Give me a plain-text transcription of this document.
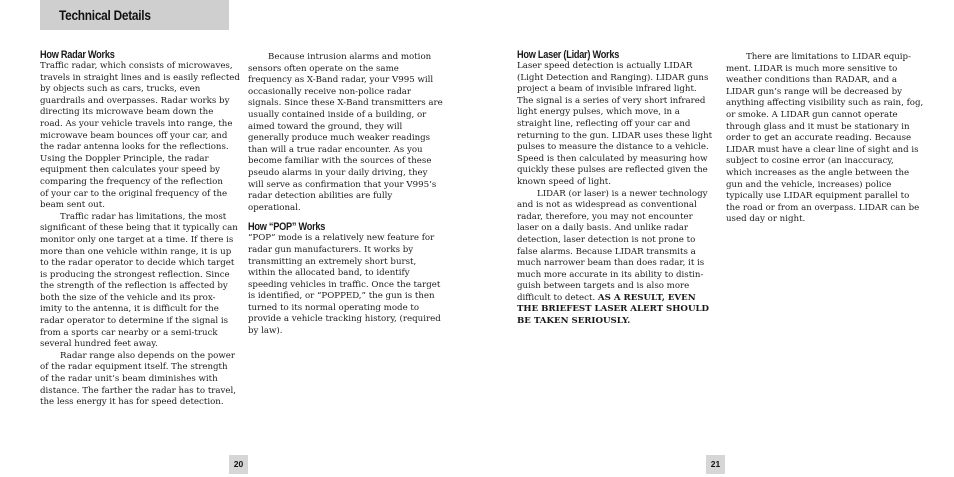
Technical Details
How Radar Works
Traffic radar, which consists of microwaves,
travels in straight lines and is easily reflected
by objects such as cars, trucks, even
guardrails and overpasses. Radar works by
directing its microwave beam down the
road. As your vehicle travels into range, the
microwave beam bounces off your car, and
the radar antenna looks for the reflections.
Using the Doppler Principle, the radar
equipment then calculates your speed by
comparing the frequency of the reflection
of your car to the original frequency of the
beam sent out.
Traffic radar has limitations, the most
significant of these being that it typically can
monitor only one target at a time. If there is
more than one vehicle within range, it is up
to the radar operator to decide which target
is producing the strongest reflection. Since
the strength of the reflection is affected by
both the size of the vehicle and its prox-
imity to the antenna, it is difficult for the
radar operator to determine if the signal is
from a sports car nearby or a semi-truck
several hundred feet away.
Radar range also depends on the power
of the radar equipment itself. The strength
of the radar unit’s beam diminishes with
distance. The farther the radar has to travel,
the less energy it has for speed detection.
Because intrusion alarms and motion
sensors often operate on the same
frequency as X-Band radar, your V995 will
occasionally receive non-police radar
signals. Since these X-Band transmitters are
usually contained inside of a building, or
aimed toward the ground, they will
generally produce much weaker readings
than will a true radar encounter. As you
become familiar with the sources of these
pseudo alarms in your daily driving, they
will serve as confirmation that your V995’s
radar detection abilities are fully
operational.
How “POP” Works
“POP” mode is a relatively new feature for
radar gun manufacturers. It works by
transmitting an extremely short burst,
within the allocated band, to identify
speeding vehicles in traffic. Once the target
is identified, or “POPPED,” the gun is then
turned to its normal operating mode to
provide a vehicle tracking history, (required
by law).
How Laser (Lidar) Works
Laser speed detection is actually LIDAR
(Light Detection and Ranging). LIDAR guns
project a beam of invisible infrared light.
The signal is a series of very short infrared
light energy pulses, which move, in a
straight line, reflecting off your car and
returning to the gun. LIDAR uses these light
pulses to measure the distance to a vehicle.
Speed is then calculated by measuring how
quickly these pulses are reflected given the
known speed of light.
LIDAR (or laser) is a newer technology
and is not as widespread as conventional
radar, therefore, you may not encounter
laser on a daily basis. And unlike radar
detection, laser detection is not prone to
false alarms. Because LIDAR transmits a
much narrower beam than does radar, it is
much more accurate in its ability to distin-
guish between targets and is also more
difficult to detect. AS A RESULT, EVEN
THE BRIEFEST LASER ALERT SHOULD
BE TAKEN SERIOUSLY.
There are limitations to LIDAR equip-
ment. LIDAR is much more sensitive to
weather conditions than RADAR, and a
LIDAR gun’s range will be decreased by
anything affecting visibility such as rain, fog,
or smoke. A LIDAR gun cannot operate
through glass and it must be stationary in
order to get an accurate reading. Because
LIDAR must have a clear line of sight and is
subject to cosine error (an inaccuracy,
which increases as the angle between the
gun and the vehicle, increases) police
typically use LIDAR equipment parallel to
the road or from an overpass. LIDAR can be
used day or night.
20	21
